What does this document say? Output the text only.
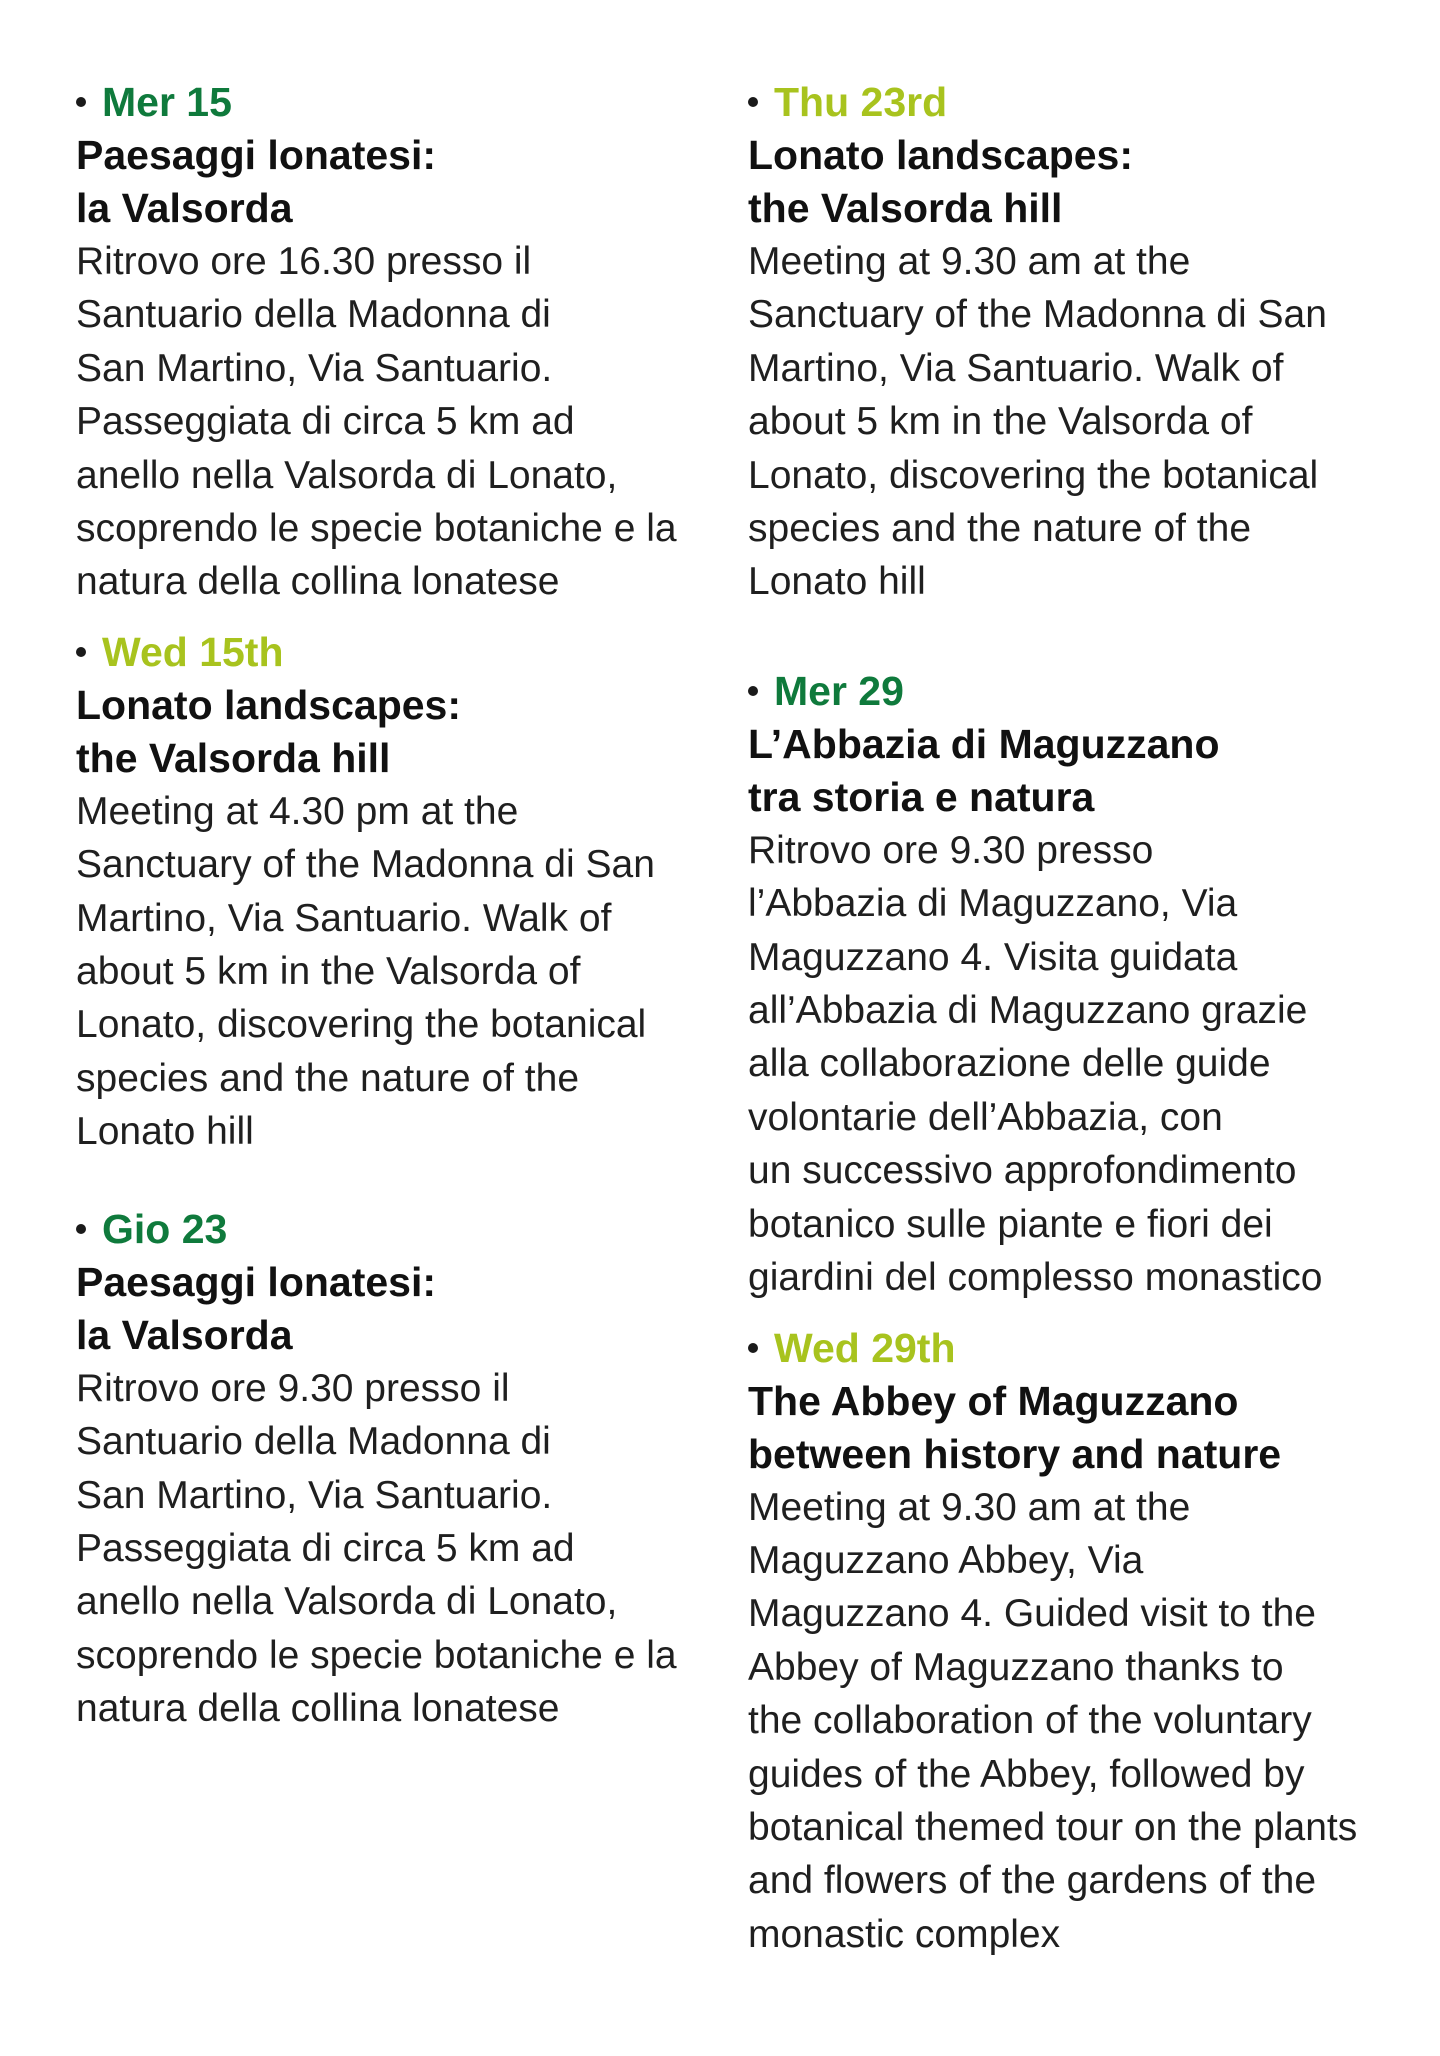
Mer 15
Paesaggi lonatesi:
la Valsorda
Ritrovo ore 16.30 presso il
Santuario della Madonna di
San Martino, Via Santuario.
Passeggiata di circa 5 km ad
anello nella Valsorda di Lonato,
scoprendo le specie botaniche e la
natura della collina lonatese
Wed 15th
Lonato landscapes:
the Valsorda hill
Meeting at 4.30 pm at the
Sanctuary of the Madonna di San
Martino, Via Santuario. Walk of
about 5 km in the Valsorda of
Lonato, discovering the botanical
species and the nature of the
Lonato hill
Gio 23
Paesaggi lonatesi:
la Valsorda
Ritrovo ore 9.30 presso il
Santuario della Madonna di
San Martino, Via Santuario.
Passeggiata di circa 5 km ad
anello nella Valsorda di Lonato,
scoprendo le specie botaniche e la
natura della collina lonatese
Thu 23rd
Lonato landscapes:
the Valsorda hill
Meeting at 9.30 am at the
Sanctuary of the Madonna di San
Martino, Via Santuario. Walk of
about 5 km in the Valsorda of
Lonato, discovering the botanical
species and the nature of the
Lonato hill
Mer 29
L’Abbazia di Maguzzano
tra storia e natura
Ritrovo ore 9.30 presso
l’Abbazia di Maguzzano, Via
Maguzzano 4. Visita guidata
all’Abbazia di Maguzzano grazie
alla collaborazione delle guide
volontarie dell’Abbazia, con
un successivo approfondimento
botanico sulle piante e fiori dei
giardini del complesso monastico
Wed 29th
The Abbey of Maguzzano
between history and nature
Meeting at 9.30 am at the
Maguzzano Abbey, Via
Maguzzano 4. Guided visit to the
Abbey of Maguzzano thanks to
the collaboration of the voluntary
guides of the Abbey, followed by
botanical themed tour on the plants
and flowers of the gardens of the
monastic complex
